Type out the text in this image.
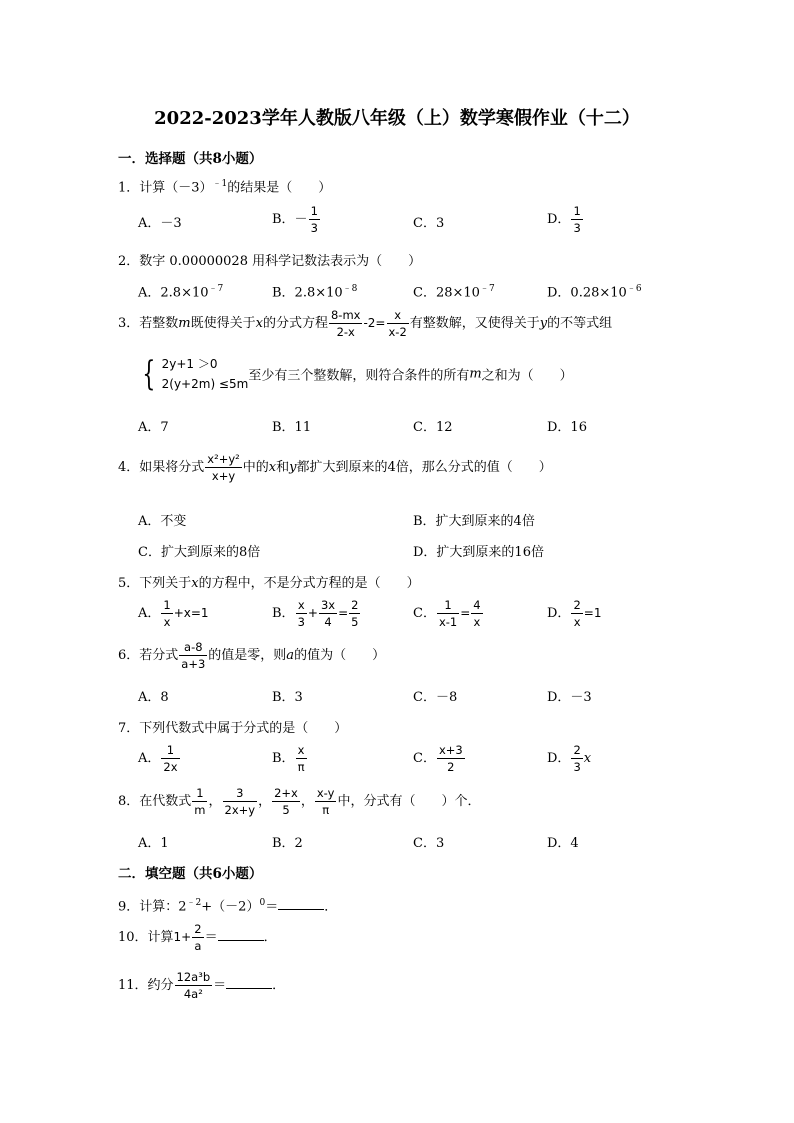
2022-2023学年人教版八年级（上）数学寒假作业（十二）
一．选择题（共8小题）
1．计算$(-3)^{﹣1}$的结果是（　　）
A．－3	B．－ $\frac{1}{3}$	C．3	D． $\frac{1}{3}$
2．数字 0.00000028 用科学记数法表示为（　　）
A．$2.8\times 10^{﹣7}$	B．$2.8\times 10^{﹣8}$	C．$28\times 10^{﹣7}$	D．$0.28\times 10^{﹣6}$
3．若整数m既使得关于x的分式方程 $\frac{8-mx}{2-x} -2= \frac{x}{x-2}$ 有整数解，又使得关于y的不等式组
{ 2y+1 ＞0
2(y+2m) ≤5m
至少有三个整数解，则符合条件的所有m之和为（　　）
A．7	B．11	C．12	D．16
4．如果将分式 $\frac{\text{x²+y²}}{x+y}$ 中的x和y都扩大到原来的4倍，那么分式的值（　　）
A．不变	B．扩大到原来的4倍
C．扩大到原来的8倍	D．扩大到原来的16倍
5．下列关于x的方程中，不是分式方程的是（　　）
A． $\frac{1}{x} +x=1$	B． $\frac{x}{3} + \frac{3x}{4} = \frac{2}{5}$	C． $\frac{1}{x-1} = \frac{4}{x}$	D． $\frac{2}{x} =1$
6．若分式 $\frac{a-8}{a+3}$ 的值是零，则a的值为（　　）
A．8	B．3	C．－8	D．－3
7．下列代数式中属于分式的是（　　）
A． $\frac{1}{2x}$	B． $\frac{x}{\pi}$	C． $\frac{x+3}{2}$	D． $\frac{2}{3}$ x
8．在代数式 $\frac{1}{m}$ ， $\frac{3}{2x+y}$ ， $\frac{2+x}{5}$ ， $\frac{x-y}{\pi}$ 中，分式有（　　）个．
A．1	B．2	C．3	D．4
二．填空题（共6小题）
9．计算：$2^{﹣2}+(-2)^0=$	．
10．计算$1+ \frac{2}{a}$ ＝	．
11．约分 $\frac{\text{12a³b}}{\text{4a²}}$ ＝	．
